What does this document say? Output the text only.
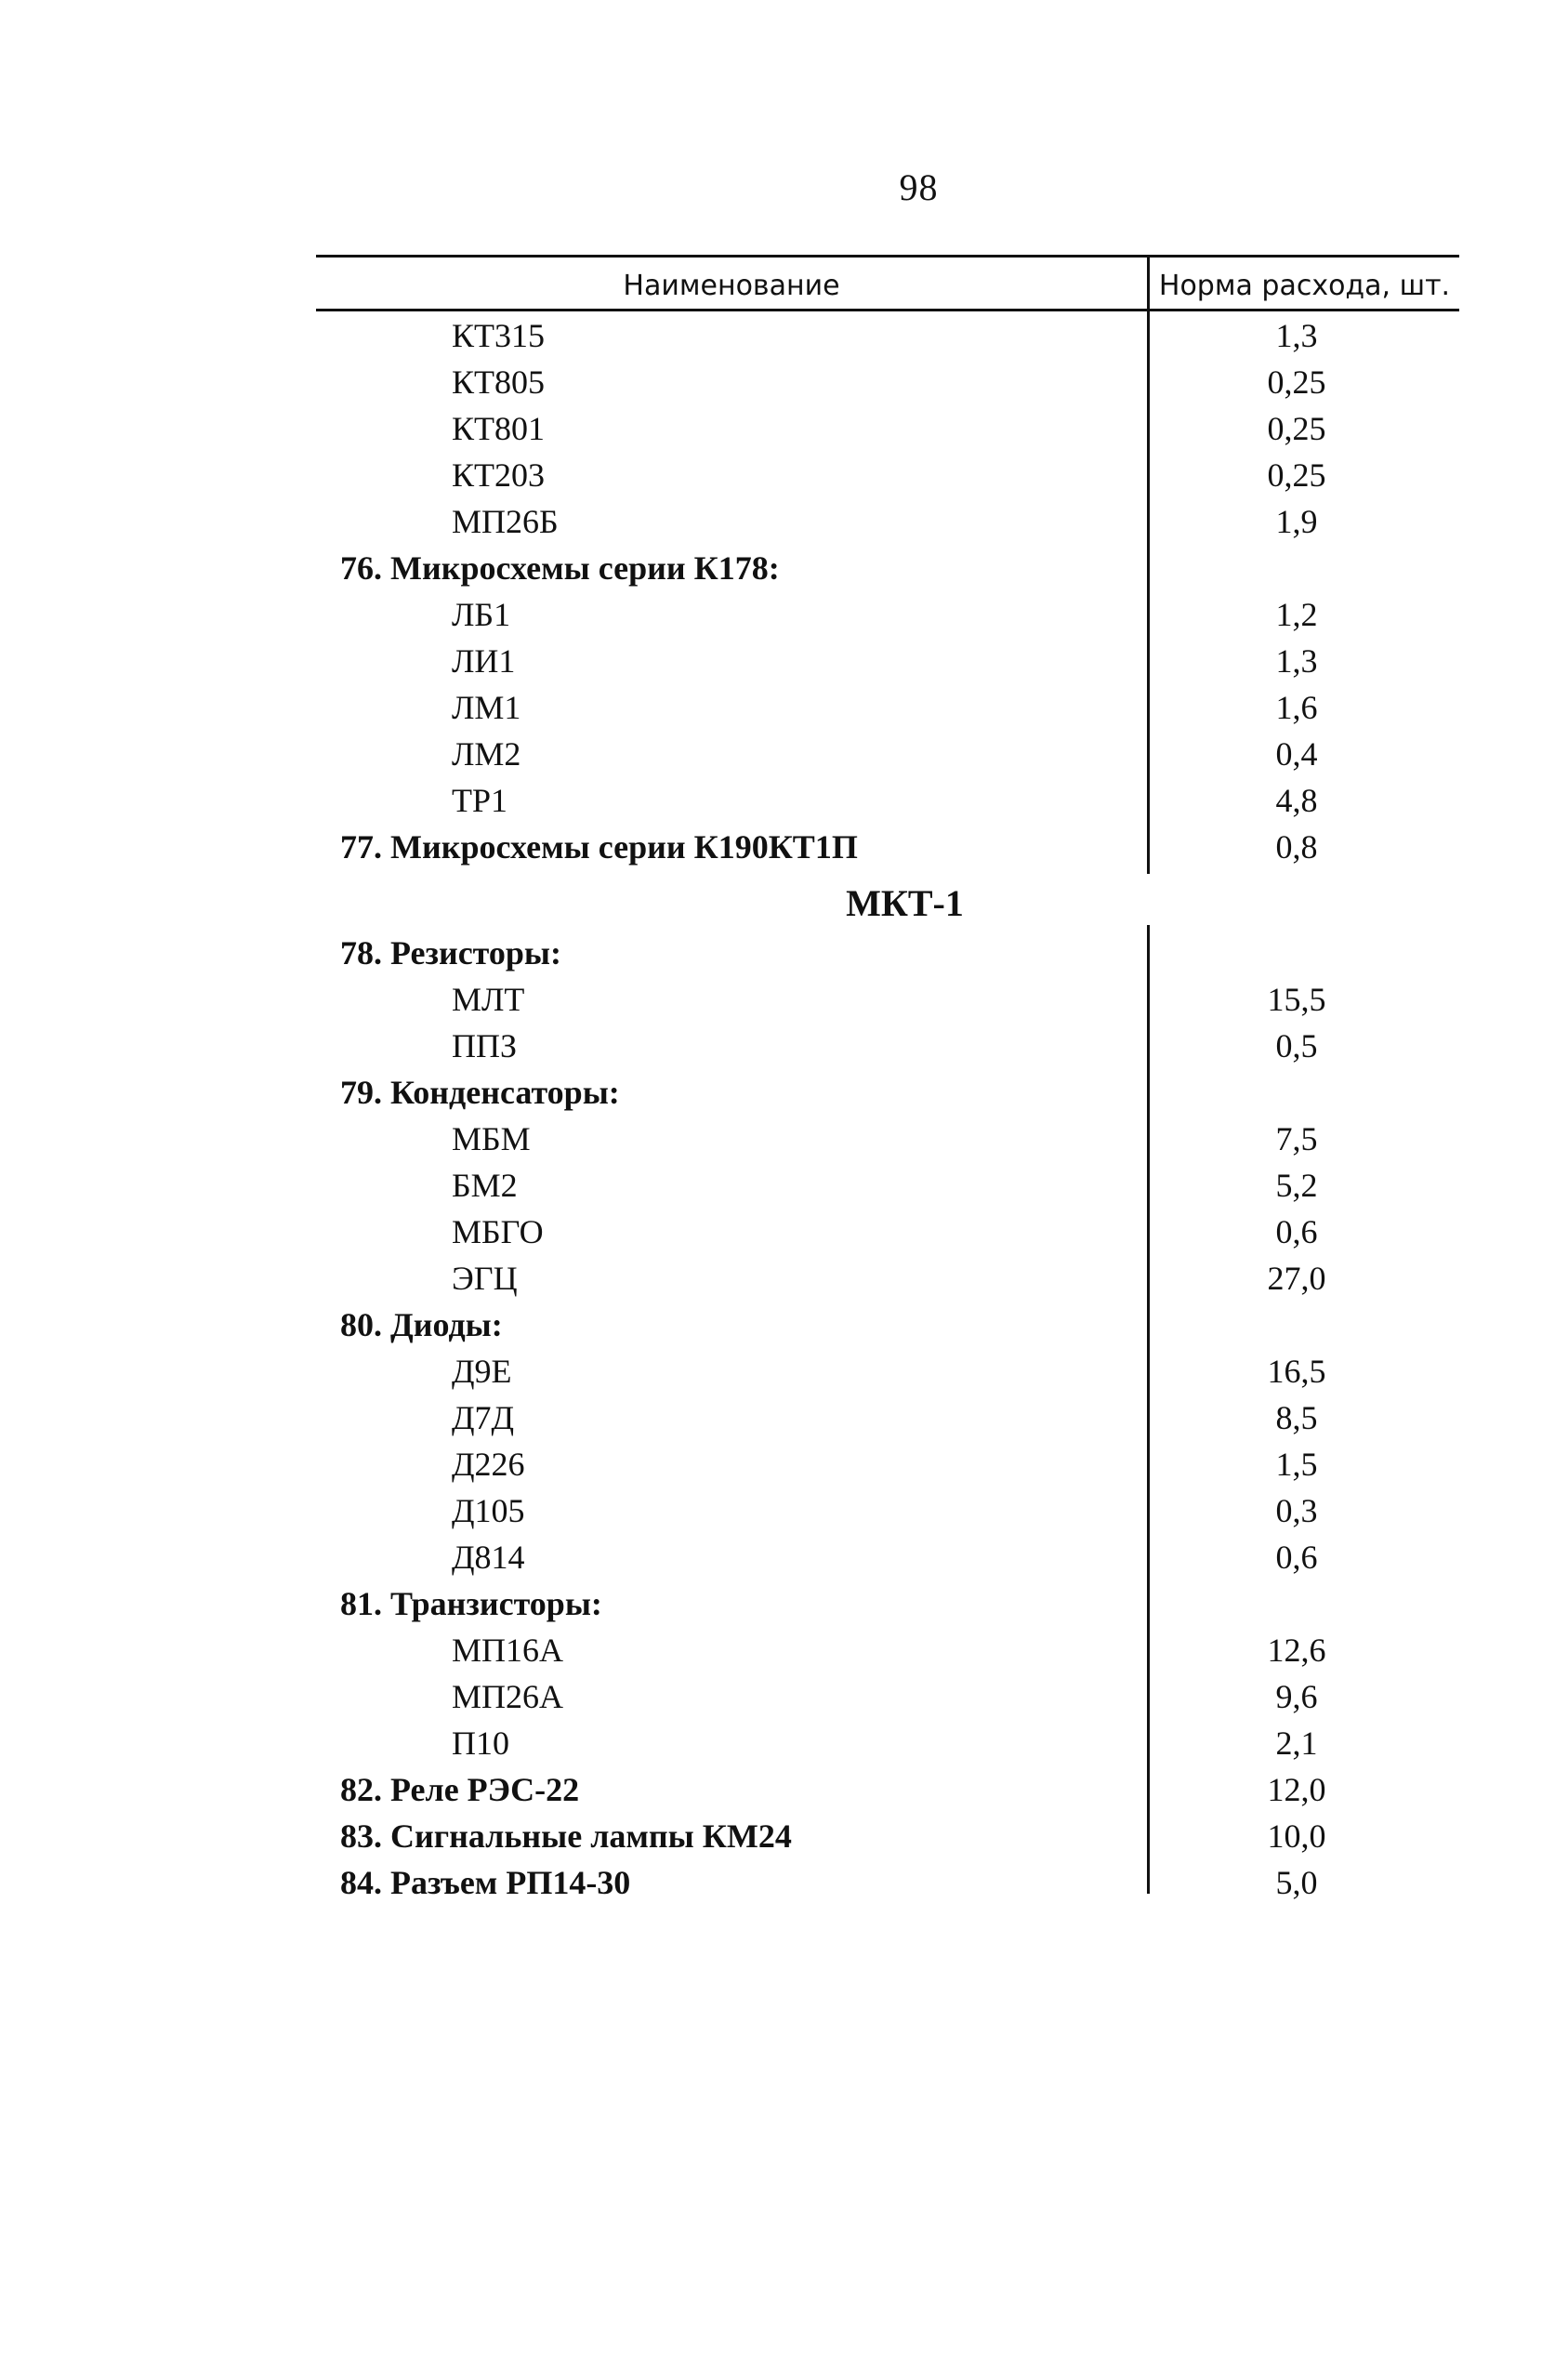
98
Наименование	Норма расхода, шт.
МКТ-1
КТ315	1,3
КТ805	0,25
КТ801	0,25
КТ203	0,25
МП26Б	1,9
76. Микросхемы серии К178:
ЛБ1	1,2
ЛИ1	1,3
ЛМ1	1,6
ЛМ2	0,4
ТР1	4,8
77. Микросхемы серии К190КТ1П	0,8
78. Резисторы:
МЛТ	15,5
ППЗ	0,5
79. Конденсаторы:
МБМ	7,5
БМ2	5,2
МБГО	0,6
ЭГЦ	27,0
80. Диоды:
Д9Е	16,5
Д7Д	8,5
Д226	1,5
Д105	0,3
Д814	0,6
81. Транзисторы:
МП16А	12,6
МП26А	9,6
П10	2,1
82. Реле РЭС-22	12,0
83. Сигнальные лампы КМ24	10,0
84. Разъем РП14-30	5,0
